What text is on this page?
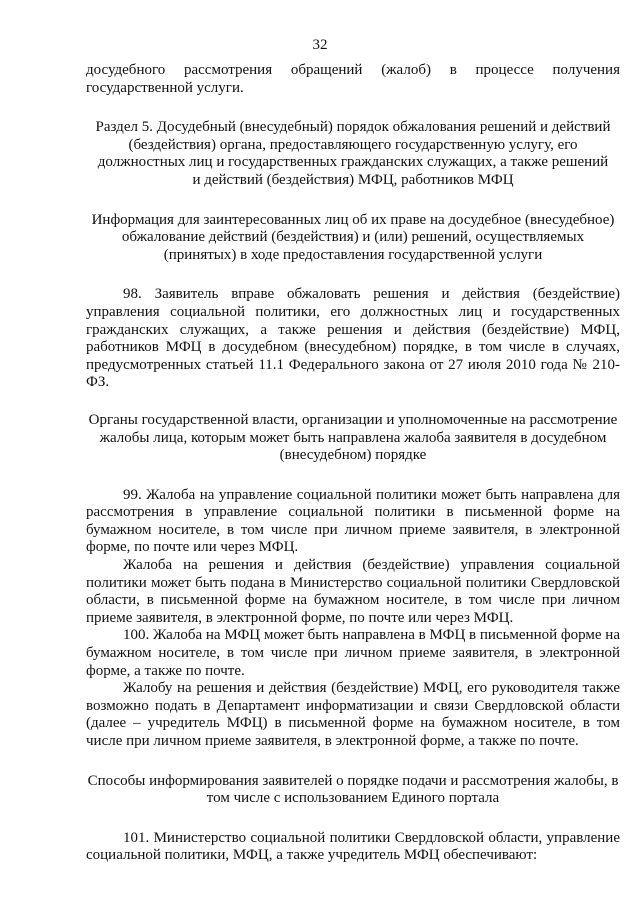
32

досудебного рассмотрения обращений (жалоб) в процессе получения государственной услуги.

Раздел 5. Досудебный (внесудебный) порядок обжалования решений и действий (бездействия) органа, предоставляющего государственную услугу, его должностных лиц и государственных гражданских служащих, а также решений и действий (бездействия) МФЦ, работников МФЦ

Информация для заинтересованных лиц об их праве на досудебное (внесудебное) обжалование действий (бездействия) и (или) решений, осуществляемых (принятых) в ходе предоставления государственной услуги

98. Заявитель вправе обжаловать решения и действия (бездействие) управления социальной политики, его должностных лиц и государственных гражданских служащих, а также решения и действия (бездействие) МФЦ, работников МФЦ в досудебном (внесудебном) порядке, в том числе в случаях, предусмотренных статьей 11.1 Федерального закона от 27 июля 2010 года № 210-ФЗ.

Органы государственной власти, организации и уполномоченные на рассмотрение жалобы лица, которым может быть направлена жалоба заявителя в досудебном (внесудебном) порядке

99. Жалоба на управление социальной политики может быть направлена для рассмотрения в управление социальной политики в письменной форме на бумажном носителе, в том числе при личном приеме заявителя, в электронной форме, по почте или через МФЦ.

Жалоба на решения и действия (бездействие) управления социальной политики может быть подана в Министерство социальной политики Свердловской области, в письменной форме на бумажном носителе, в том числе при личном приеме заявителя, в электронной форме, по почте или через МФЦ.

100. Жалоба на МФЦ может быть направлена в МФЦ в письменной форме на бумажном носителе, в том числе при личном приеме заявителя, в электронной форме, а также по почте.

Жалобу на решения и действия (бездействие) МФЦ, его руководителя также возможно подать в Департамент информатизации и связи Свердловской области (далее – учредитель МФЦ) в письменной форме на бумажном носителе, в том числе при личном приеме заявителя, в электронной форме, а также по почте.

Способы информирования заявителей о порядке подачи и рассмотрения жалобы, в том числе с использованием Единого портала

101. Министерство социальной политики Свердловской области, управление социальной политики, МФЦ, а также учредитель МФЦ обеспечивают:
